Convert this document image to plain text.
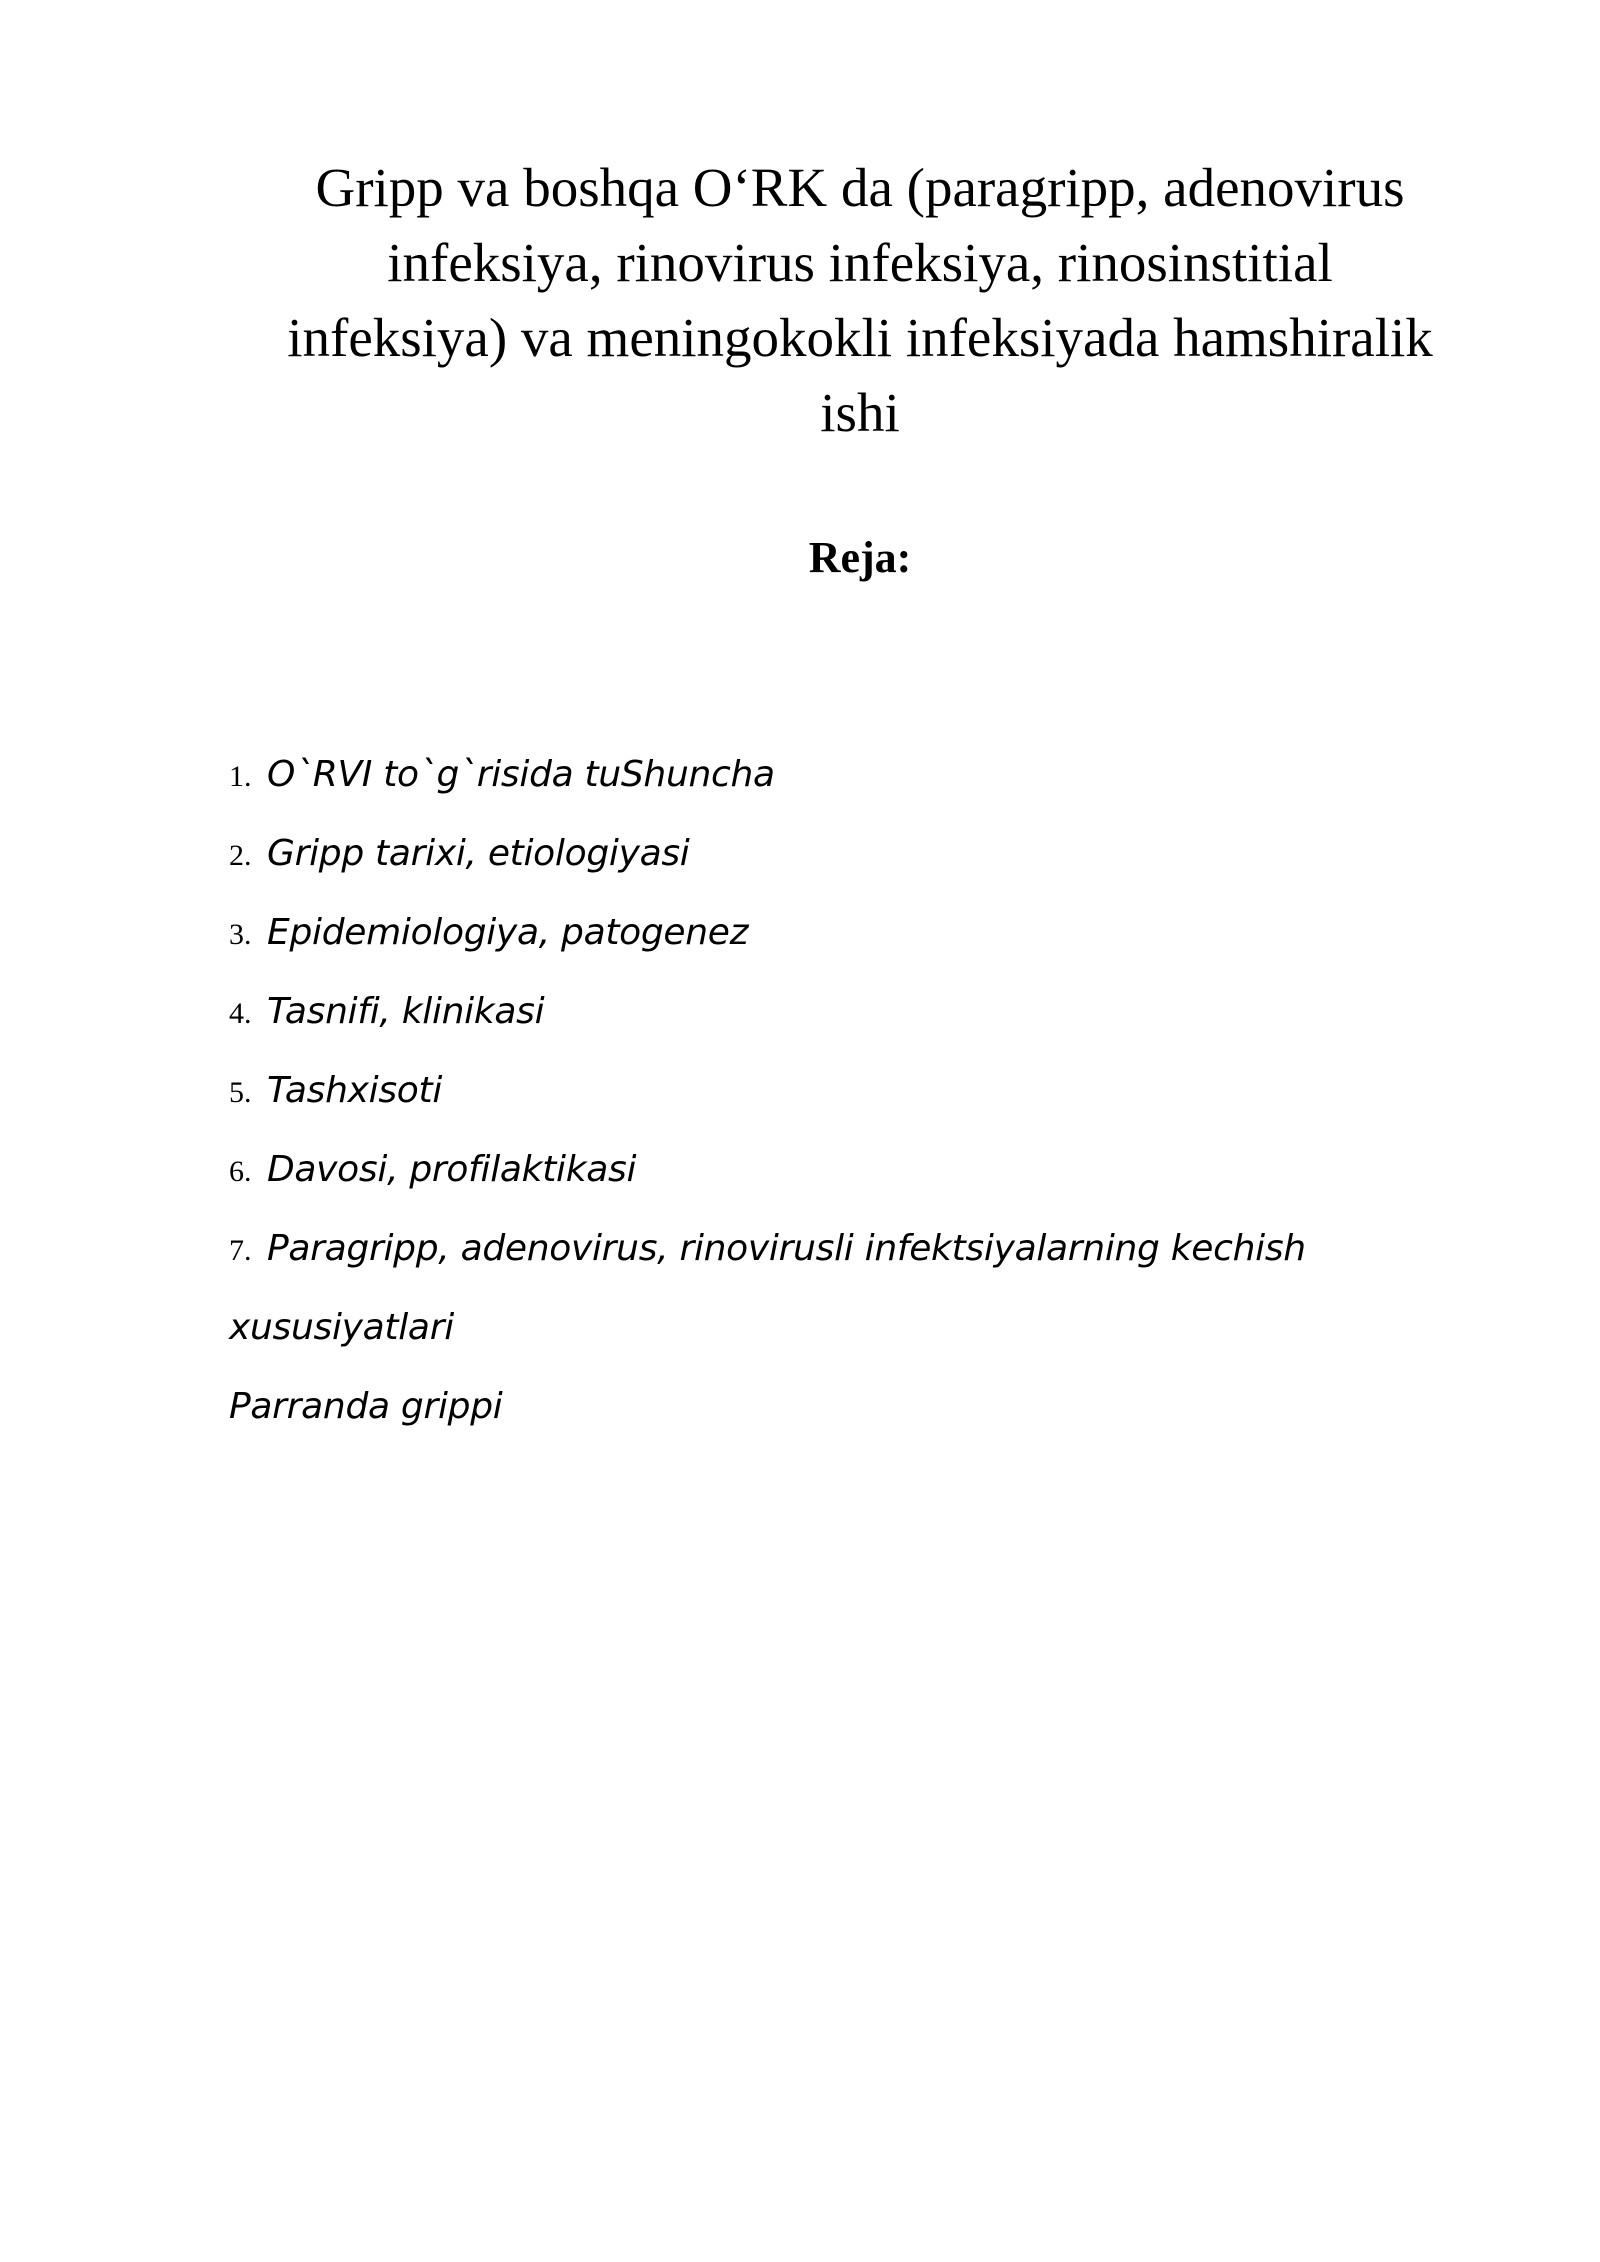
Gripp va boshqa O‘RK da (paragripp, adenovirus
infeksiya, rinovirus infeksiya, rinosinstitial
infeksiya) va meningokokli infeksiyada hamshiralik
ishi
Reja:
1. O`RVI to`g`risida tuShuncha
2. Gripp tarixi, etiologiyasi
3. Epidemiologiya, patogenez
4. Tasnifi, klinikasi
5. Tashxisoti
6. Davosi, profilaktikasi
7. Paragripp, adenovirus, rinovirusli infektsiyalarning kechish
xususiyatlari
Parranda grippi
